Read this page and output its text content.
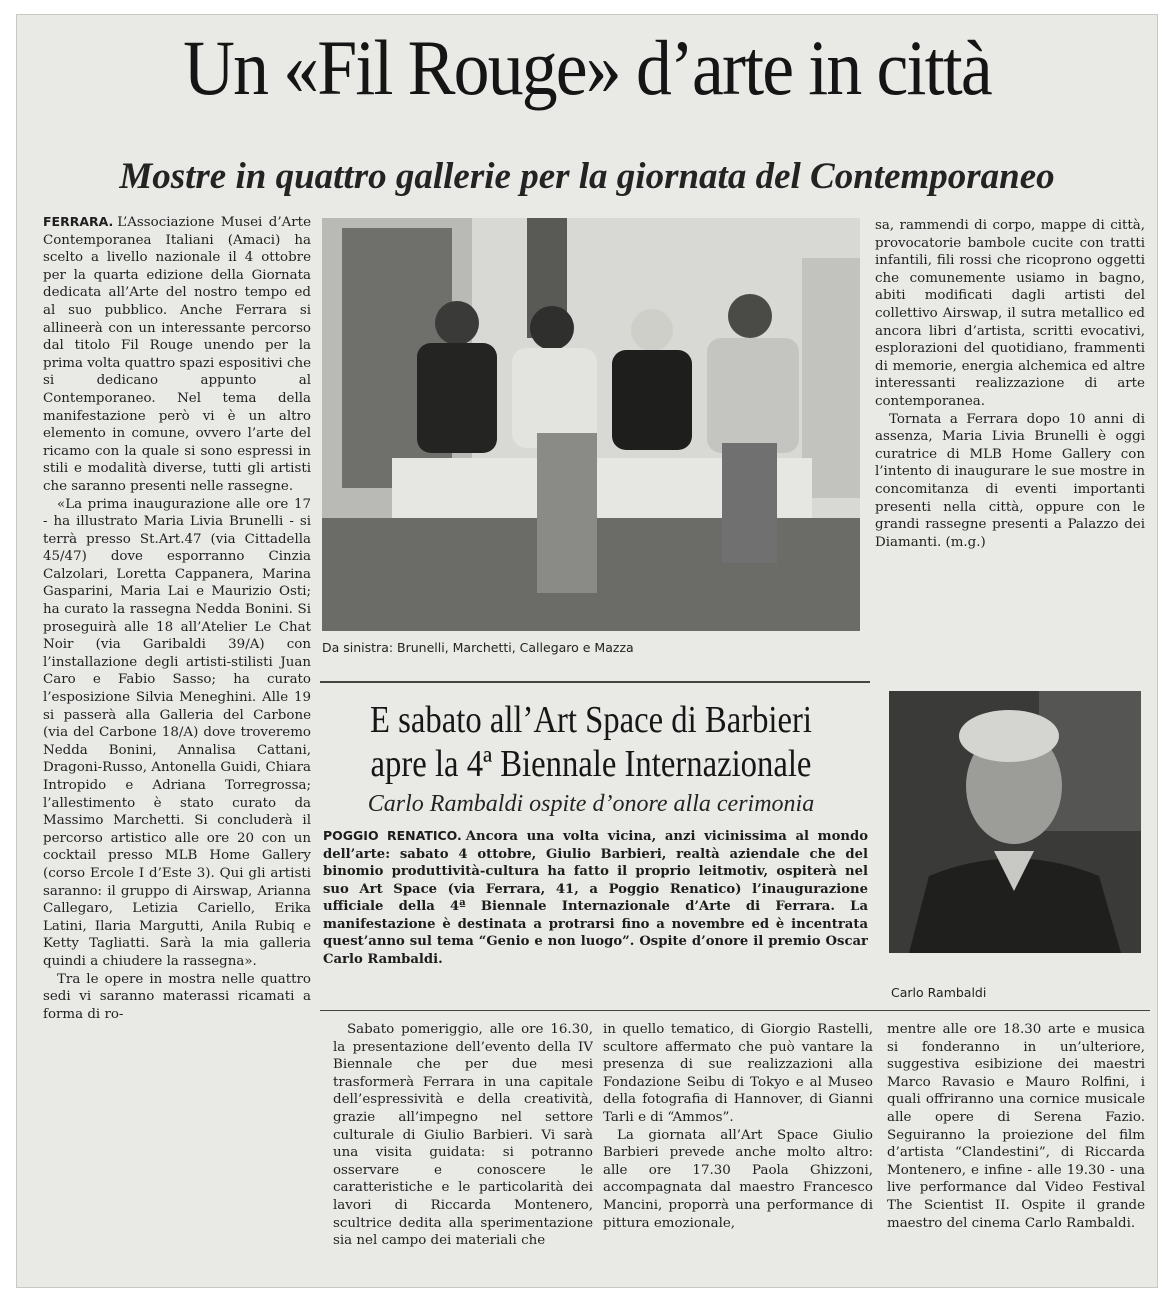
Un «Fil Rouge» d’arte in città
Mostre in quattro gallerie per la giornata del Contemporaneo

FERRARA. L’Associazione Musei d’Arte Contemporanea Italiani (Amaci) ha scelto a livello nazionale il 4 ottobre per la quarta edizione della Giornata dedicata all’Arte del nostro tempo ed al suo pubblico. Anche Ferrara si allineerà con un interessante percorso dal titolo Fil Rouge unendo per la prima volta quattro spazi espositivi che si dedicano appunto al Contemporaneo. Nel tema della manifestazione però vi è un altro elemento in comune, ovvero l’arte del ricamo con la quale si sono espressi in stili e modalità diverse, tutti gli artisti che saranno presenti nelle rassegne.

«La prima inaugurazione alle ore 17 - ha illustrato Maria Livia Brunelli - si terrà presso St.Art.47 (via Cittadella 45/47) dove esporranno Cinzia Calzolari, Loretta Cappanera, Marina Gasparini, Maria Lai e Maurizio Osti; ha curato la rassegna Nedda Bonini. Si proseguirà alle 18 all’Atelier Le Chat Noir (via Garibaldi 39/A) con l’installazione degli artisti-stilisti Juan Caro e Fabio Sasso; ha curato l’esposizione Silvia Meneghini. Alle 19 si passerà alla Galleria del Carbone (via del Carbone 18/A) dove troveremo Nedda Bonini, Annalisa Cattani, Dragoni-Russo, Antonella Guidi, Chiara Intropido e Adriana Torregrossa; l’allestimento è stato curato da Massimo Marchetti. Si concluderà il percorso artistico alle ore 20 con un cocktail presso MLB Home Gallery (corso Ercole I d’Este 3). Qui gli artisti saranno: il gruppo di Airswap, Arianna Callegaro, Letizia Cariello, Erika Latini, Ilaria Margutti, Anila Rubiq e Ketty Tagliatti. Sarà la mia galleria quindi a chiudere la rassegna».

Tra le opere in mostra nelle quattro sedi vi saranno materassi ricamati a forma di ro-

Da sinistra: Brunelli, Marchetti, Callegaro e Mazza

sa, rammendi di corpo, mappe di città, provocatorie bambole cucite con tratti infantili, fili rossi che ricoprono oggetti che comunemente usiamo in bagno, abiti modificati dagli artisti del collettivo Airswap, il sutra metallico ed ancora libri d’artista, scritti evocativi, esplorazioni del quotidiano, frammenti di memorie, energia alchemica ed altre interessanti realizzazione di arte contemporanea.

Tornata a Ferrara dopo 10 anni di assenza, Maria Livia Brunelli è oggi curatrice di MLB Home Gallery con l’intento di inaugurare le sue mostre in concomitanza di eventi importanti presenti nella città, oppure con le grandi rassegne presenti a Palazzo dei Diamanti. (m.g.)

E sabato all’Art Space di Barbieri
apre la 4ª Biennale Internazionale
Carlo Rambaldi ospite d’onore alla cerimonia

POGGIO RENATICO. Ancora una volta vicina, anzi vicinissima al mondo dell’arte: sabato 4 ottobre, Giulio Barbieri, realtà aziendale che del binomio produttività-cultura ha fatto il proprio leitmotiv, ospiterà nel suo Art Space (via Ferrara, 41, a Poggio Renatico) l’inaugurazione ufficiale della 4ª Biennale Internazionale d’Arte di Ferrara. La manifestazione è destinata a protrarsi fino a novembre ed è incentrata quest’anno sul tema “Genio e non luogo”. Ospite d’onore il premio Oscar Carlo Rambaldi.

Carlo Rambaldi

Sabato pomeriggio, alle ore 16.30, la presentazione dell’evento della IV Biennale che per due mesi trasformerà Ferrara in una capitale dell’espressività e della creatività, grazie all’impegno nel settore culturale di Giulio Barbieri. Vi sarà una visita guidata: si potranno osservare e conoscere le caratteristiche e le particolarità dei lavori di Riccarda Montenero, scultrice dedita alla sperimentazione sia nel campo dei materiali che

in quello tematico, di Giorgio Rastelli, scultore affermato che può vantare la presenza di sue realizzazioni alla Fondazione Seibu di Tokyo e al Museo della fotografia di Hannover, di Gianni Tarli e di “Ammos”.

La giornata all’Art Space Giulio Barbieri prevede anche molto altro: alle ore 17.30 Paola Ghizzoni, accompagnata dal maestro Francesco Mancini, proporrà una performance di pittura emozionale,

mentre alle ore 18.30 arte e musica si fonderanno in un’ulteriore, suggestiva esibizione dei maestri Marco Ravasio e Mauro Rolfini, i quali offriranno una cornice musicale alle opere di Serena Fazio. Seguiranno la proiezione del film d’artista “Clandestini”, di Riccarda Montenero, e infine - alle 19.30 - una live performance dal Video Festival The Scientist II. Ospite il grande maestro del cinema Carlo Rambaldi.
